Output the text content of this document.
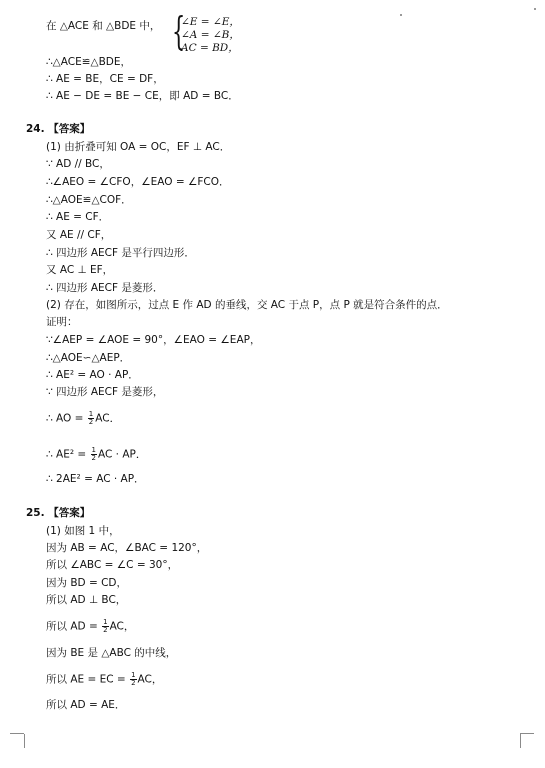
{
∠E = ∠E，
∠A = ∠B，
AC = BD，
在 △ACE 和 △BDE 中，
∴△ACE≌△BDE，
∴ AE = BE，CE = DF，
∴ AE − DE = BE − CE，即 AD = BC．
24. 【答案】
(1) 由折叠可知 OA = OC，EF ⊥ AC．
∵ AD // BC，
∴∠AEO = ∠CFO，∠EAO = ∠FCO．
∴△AOE≌△COF．
∴ AE = CF．
又 AE // CF，
∴ 四边形 AECF 是平行四边形．
又 AC ⊥ EF，
∴ 四边形 AECF 是菱形．
(2) 存在，如图所示，过点 E 作 AD 的垂线，交 AC 于点 P，点 P 就是符合条件的点．
证明：
∵∠AEP = ∠AOE = 90°，∠EAO = ∠EAP，
∴△AOE∽△AEP．
∴ AE² = AO · AP．
∵ 四边形 AECF 是菱形，
∴ AO = $\frac{1}{2}$ AC．
∴ $AE^2 = \frac{1}{2}$ AC · AP．
∴ 2AE² = AC · AP．
25. 【答案】
(1) 如图 1 中，
因为 AB = AC，∠BAC = 120°，
所以 ∠ABC = ∠C = 30°，
因为 BD = CD，
所以 AD ⊥ BC，
所以 AD = $\frac{1}{2}$ AC，
因为 BE 是 △ABC 的中线，
所以 AE = EC = $\frac{1}{2}$ AC，
所以 AD = AE．
